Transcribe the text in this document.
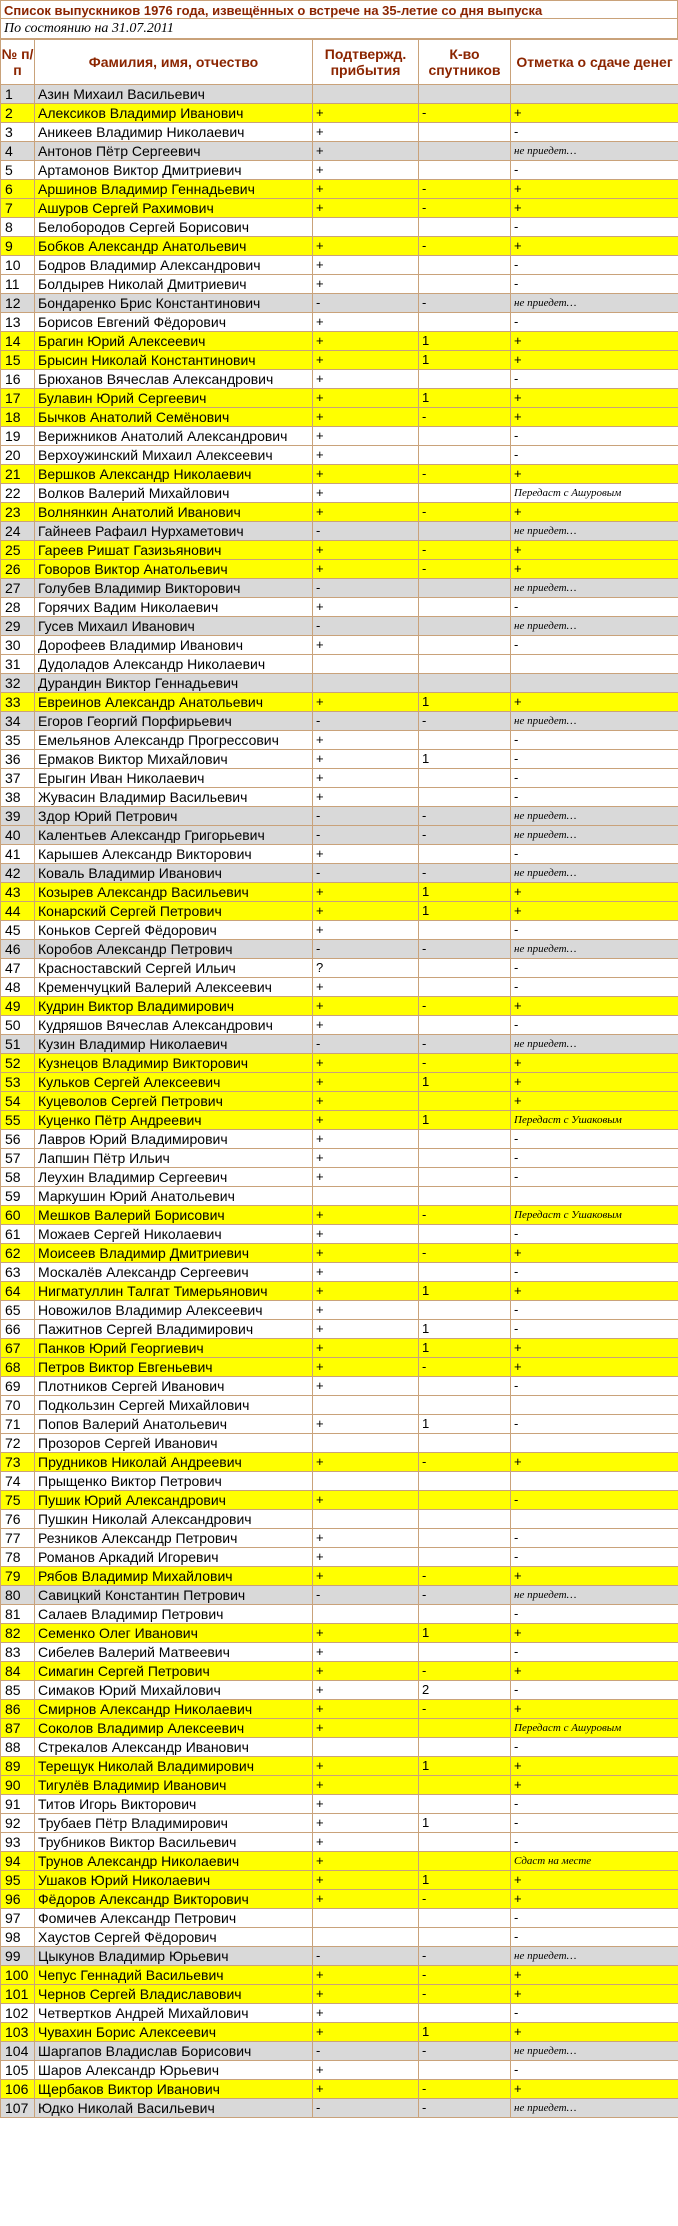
Список выпускников 1976 года, извещённых о встрече на 35-летие со дня выпуска
По состоянию на 31.07.2011
№ п/п	Фамилия, имя, отчество	Подтвержд. прибытия	К-во спутников	Отметка о сдаче денег
1	Азин Михаил Васильевич			
2	Алексиков Владимир Иванович	+	-	+
3	Аникеев Владимир Николаевич	+		-
4	Антонов Пётр Сергеевич	+		не приедет…
5	Артамонов Виктор Дмитриевич	+		-
6	Аршинов Владимир Геннадьевич	+	-	+
7	Ашуров Сергей Рахимович	+	-	+
8	Белобородов Сергей Борисович			-
9	Бобков Александр Анатольевич	+	-	+
10	Бодров Владимир Александрович	+		-
11	Болдырев Николай Дмитриевич	+		-
12	Бондаренко Брис Константинович	-	-	не приедет…
13	Борисов Евгений Фёдорович	+		-
14	Брагин Юрий Алексеевич	+	1	+
15	Брысин Николай Константинович	+	1	+
16	Брюханов Вячеслав Александрович	+		-
17	Булавин Юрий Сергеевич	+	1	+
18	Бычков Анатолий Семёнович	+	-	+
19	Верижников Анатолий Александрович	+		-
20	Верхоужинский Михаил Алексеевич	+		-
21	Вершков Александр Николаевич	+	-	+
22	Волков Валерий Михайлович	+		Передаст с Ашуровым
23	Волнянкин Анатолий Иванович	+	-	+
24	Гайнеев Рафаил Нурхаметович	-		не приедет…
25	Гареев Ришат Газизьянович	+	-	+
26	Говоров Виктор Анатольевич	+	-	+
27	Голубев Владимир Викторович	-		не приедет…
28	Горячих Вадим Николаевич	+		-
29	Гусев Михаил Иванович	-		не приедет…
30	Дорофеев Владимир Иванович	+		-
31	Дудоладов Александр Николаевич			
32	Дурандин Виктор Геннадьевич			
33	Евреинов Александр Анатольевич	+	1	+
34	Егоров Георгий Порфирьевич	-	-	не приедет…
35	Емельянов Александр Прогрессович	+		-
36	Ермаков Виктор Михайлович	+	1	-
37	Ерыгин Иван Николаевич	+		-
38	Жувасин Владимир Васильевич	+		-
39	Здор Юрий Петрович	-	-	не приедет…
40	Калентьев Александр Григорьевич	-	-	не приедет…
41	Карышев Александр Викторович	+		-
42	Коваль Владимир Иванович	-	-	не приедет…
43	Козырев Александр Васильевич	+	1	+
44	Конарский Сергей Петрович	+	1	+
45	Коньков Сергей Фёдорович	+		-
46	Коробов Александр Петрович	-	-	не приедет…
47	Красноставский Сергей Ильич	?		-
48	Кременчуцкий Валерий Алексеевич	+		-
49	Кудрин Виктор Владимирович	+	-	+
50	Кудряшов Вячеслав Александрович	+		-
51	Кузин Владимир Николаевич	-	-	не приедет…
52	Кузнецов Владимир Викторович	+	-	+
53	Кульков Сергей Алексеевич	+	1	+
54	Куцеволов Сергей Петрович	+		+
55	Куценко Пётр Андреевич	+	1	Передаст с Ушаковым
56	Лавров Юрий Владимирович	+		-
57	Лапшин Пётр Ильич	+		-
58	Леухин Владимир Сергеевич	+		-
59	Маркушин Юрий Анатольевич			
60	Мешков Валерий Борисович	+	-	Передаст с Ушаковым
61	Можаев Сергей Николаевич	+		-
62	Моисеев Владимир Дмитриевич	+	-	+
63	Москалёв Александр Сергеевич	+		-
64	Нигматуллин Талгат Тимерьянович	+	1	+
65	Новожилов Владимир Алексеевич	+		-
66	Пажитнов Сергей Владимирович	+	1	-
67	Панков Юрий Георгиевич	+	1	+
68	Петров Виктор Евгеньевич	+	-	+
69	Плотников Сергей Иванович	+		-
70	Подкользин Сергей Михайлович			
71	Попов Валерий Анатольевич	+	1	-
72	Прозоров Сергей Иванович			
73	Прудников Николай Андреевич	+	-	+
74	Прыщенко Виктор Петрович			
75	Пушик Юрий Александрович	+		-
76	Пушкин Николай Александрович			
77	Резников Александр Петрович	+		-
78	Романов Аркадий Игоревич	+		-
79	Рябов Владимир Михайлович	+	-	+
80	Савицкий Константин Петрович	-	-	не приедет…
81	Салаев Владимир Петрович			-
82	Семенко Олег Иванович	+	1	+
83	Сибелев Валерий Матвеевич	+		-
84	Симагин Сергей Петрович	+	-	+
85	Симаков Юрий Михайлович	+	2	-
86	Смирнов Александр Николаевич	+	-	+
87	Соколов Владимир Алексеевич	+		Передаст с Ашуровым
88	Стрекалов Александр Иванович			-
89	Терещук Николай Владимирович	+	1	+
90	Тигулёв Владимир Иванович	+		+
91	Титов Игорь Викторович	+		-
92	Трубаев Пётр Владимирович	+	1	-
93	Трубников Виктор Васильевич	+		-
94	Трунов Александр Николаевич	+		Сдаст на месте
95	Ушаков Юрий Николаевич	+	1	+
96	Фёдоров Александр Викторович	+	-	+
97	Фомичев Александр Петрович			-
98	Хаустов Сергей Фёдорович			-
99	Цыкунов Владимир Юрьевич	-	-	не приедет…
100	Чепус Геннадий Васильевич	+	-	+
101	Чернов Сергей Владиславович	+	-	+
102	Четвертков Андрей Михайлович	+		-
103	Чувахин Борис Алексеевич	+	1	+
104	Шаргапов Владислав Борисович	-	-	не приедет…
105	Шаров Александр Юрьевич	+		-
106	Щербаков Виктор Иванович	+	-	+
107	Юдко Николай Васильевич	-	-	не приедет…
